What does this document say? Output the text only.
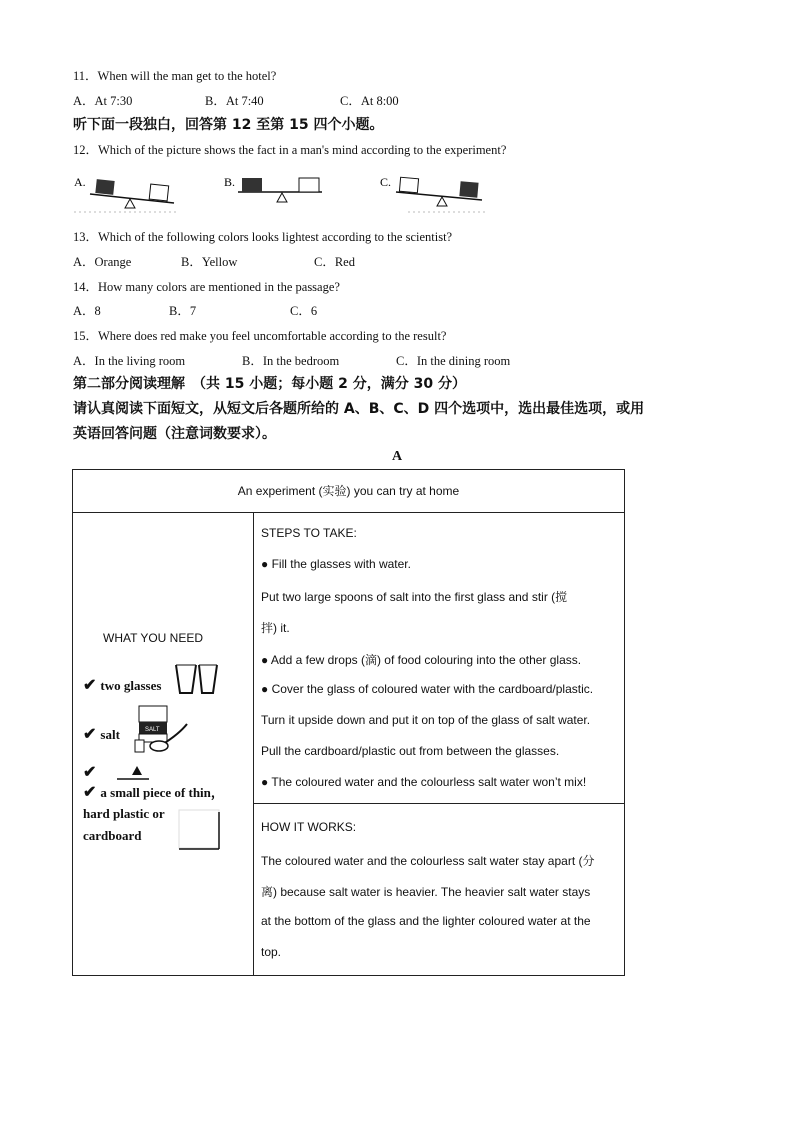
11．When will the man get to the hotel?
A．At 7:30	B．At 7:40	C．At 8:00
听下面一段独白，回答第 12 至第 15 四个小题。
12．Which of the picture shows the fact in a man's mind according to the experiment?
A.	B.	C.
13．Which of the following colors looks lightest according to the scientist?
A．Orange	B．Yellow	C．Red
14．How many colors are mentioned in the passage?
A．8	B．7	C．6
15．Where does red make you feel uncomfortable according to the result?
A．In the living room	B．In the bedroom	C．In the dining room
第二部分阅读理解　（共 15 小题；每小题 2 分，满分 30 分）
请认真阅读下面短文，从短文后各题所给的 A、B、C、D 四个选项中，选出最佳选项，或用
英语回答问题（注意词数要求）。
A
An experiment (实验) you can try at home
WHAT YOU NEED
✔ two glasses
✔ salt	SALT
✔
✔ a small piece of thin，
hard plastic or
cardboard
STEPS TO TAKE:
● Fill the glasses with water.
Put two large spoons of salt into the first glass and stir (搅
拌) it.
● Add a few drops (滴) of food colouring into the other glass.
● Cover the glass of coloured water with the cardboard/plastic.
Turn it upside down and put it on top of the glass of salt water.
Pull the cardboard/plastic out from between the glasses.
● The coloured water and the colourless salt water won’t mix!
HOW IT WORKS:
The coloured water and the colourless salt water stay apart (分
离) because salt water is heavier. The heavier salt water stays
at the bottom of the glass and the lighter coloured water at the
top.
